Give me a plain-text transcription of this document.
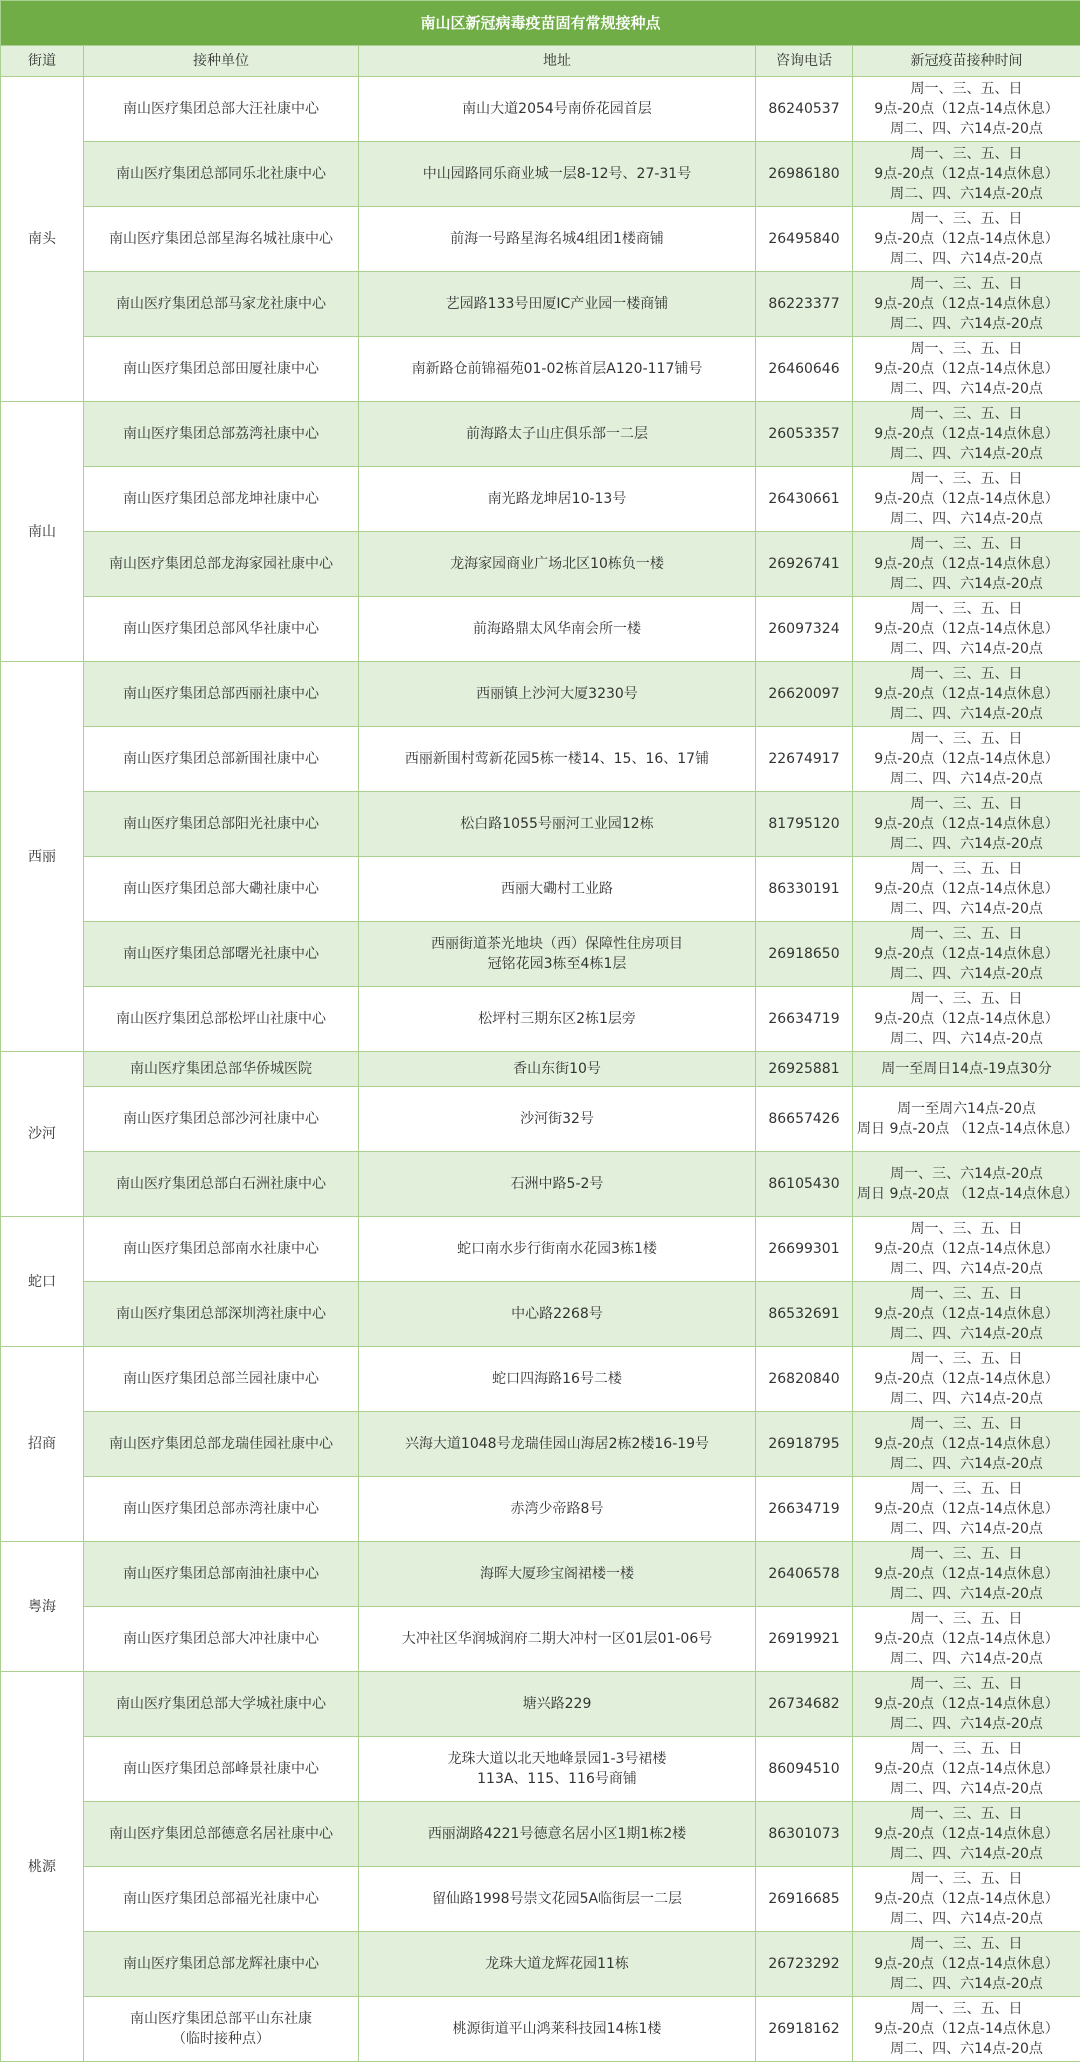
南山区新冠病毒疫苗固有常规接种点				
街道	接种单位	地址	咨询电话	新冠疫苗接种时间
南头	南山医疗集团总部大汪社康中心	南山大道2054号南侨花园首层	86240537	周一、三、五、日
9点-20点（12点-14点休息）
周二、四、六14点-20点

	南山医疗集团总部同乐北社康中心	中山园路同乐商业城一层8-12号、27-31号	26986180	周一、三、五、日
9点-20点（12点-14点休息）
周二、四、六14点-20点

	南山医疗集团总部星海名城社康中心	前海一号路星海名城4组团1楼商铺	26495840	周一、三、五、日
9点-20点（12点-14点休息）
周二、四、六14点-20点

	南山医疗集团总部马家龙社康中心	艺园路133号田厦IC产业园一楼商铺	86223377	周一、三、五、日
9点-20点（12点-14点休息）
周二、四、六14点-20点

	南山医疗集团总部田厦社康中心	南新路仓前锦福苑01-02栋首层A120-117铺号	26460646	周一、三、五、日
9点-20点（12点-14点休息）
周二、四、六14点-20点

南山	南山医疗集团总部荔湾社康中心	前海路太子山庄俱乐部一二层	26053357	周一、三、五、日
9点-20点（12点-14点休息）
周二、四、六14点-20点

	南山医疗集团总部龙坤社康中心	南光路龙坤居10-13号	26430661	周一、三、五、日
9点-20点（12点-14点休息）
周二、四、六14点-20点

	南山医疗集团总部龙海家园社康中心	龙海家园商业广场北区10栋负一楼	26926741	周一、三、五、日
9点-20点（12点-14点休息）
周二、四、六14点-20点

	南山医疗集团总部风华社康中心	前海路鼎太风华南会所一楼	26097324	周一、三、五、日
9点-20点（12点-14点休息）
周二、四、六14点-20点

西丽	南山医疗集团总部西丽社康中心	西丽镇上沙河大厦3230号	26620097	周一、三、五、日
9点-20点（12点-14点休息）
周二、四、六14点-20点

	南山医疗集团总部新围社康中心	西丽新围村莺新花园5栋一楼14、15、16、17铺	22674917	周一、三、五、日
9点-20点（12点-14点休息）
周二、四、六14点-20点

	南山医疗集团总部阳光社康中心	松白路1055号丽河工业园12栋	81795120	周一、三、五、日
9点-20点（12点-14点休息）
周二、四、六14点-20点

	南山医疗集团总部大磡社康中心	西丽大磡村工业路	86330191	周一、三、五、日
9点-20点（12点-14点休息）
周二、四、六14点-20点

	南山医疗集团总部曙光社康中心	西丽街道茶光地块（西）保障性住房项目
冠铭花园3栋至4栋1层	26918650	周一、三、五、日
9点-20点（12点-14点休息）
周二、四、六14点-20点

	南山医疗集团总部松坪山社康中心	松坪村三期东区2栋1层旁	26634719	周一、三、五、日
9点-20点（12点-14点休息）
周二、四、六14点-20点

沙河	南山医疗集团总部华侨城医院	香山东街10号	26925881	周一至周日14点-19点30分

	南山医疗集团总部沙河社康中心	沙河街32号	86657426	周一至周六14点-20点
周日 9点-20点 （12点-14点休息）

	南山医疗集团总部白石洲社康中心	石洲中路5-2号	86105430	周一、三、六14点-20点
周日 9点-20点 （12点-14点休息）

蛇口	南山医疗集团总部南水社康中心	蛇口南水步行街南水花园3栋1楼	26699301	周一、三、五、日
9点-20点（12点-14点休息）
周二、四、六14点-20点

	南山医疗集团总部深圳湾社康中心	中心路2268号	86532691	周一、三、五、日
9点-20点（12点-14点休息）
周二、四、六14点-20点

招商	南山医疗集团总部兰园社康中心	蛇口四海路16号二楼	26820840	周一、三、五、日
9点-20点（12点-14点休息）
周二、四、六14点-20点

	南山医疗集团总部龙瑞佳园社康中心	兴海大道1048号龙瑞佳园山海居2栋2楼16-19号	26918795	周一、三、五、日
9点-20点（12点-14点休息）
周二、四、六14点-20点

	南山医疗集团总部赤湾社康中心	赤湾少帝路8号	26634719	周一、三、五、日
9点-20点（12点-14点休息）
周二、四、六14点-20点

粤海	南山医疗集团总部南油社康中心	海晖大厦珍宝阁裙楼一楼	26406578	周一、三、五、日
9点-20点（12点-14点休息）
周二、四、六14点-20点

	南山医疗集团总部大冲社康中心	大冲社区华润城润府二期大冲村一区01层01-06号	26919921	周一、三、五、日
9点-20点（12点-14点休息）
周二、四、六14点-20点

桃源	南山医疗集团总部大学城社康中心	塘兴路229	26734682	周一、三、五、日
9点-20点（12点-14点休息）
周二、四、六14点-20点

	南山医疗集团总部峰景社康中心	龙珠大道以北天地峰景园1-3号裙楼
113A、115、116号商铺	86094510	周一、三、五、日
9点-20点（12点-14点休息）
周二、四、六14点-20点

	南山医疗集团总部德意名居社康中心	西丽湖路4221号德意名居小区1期1栋2楼	86301073	周一、三、五、日
9点-20点（12点-14点休息）
周二、四、六14点-20点

	南山医疗集团总部福光社康中心	留仙路1998号崇文花园5A临街层一二层	26916685	周一、三、五、日
9点-20点（12点-14点休息）
周二、四、六14点-20点

	南山医疗集团总部龙辉社康中心	龙珠大道龙辉花园11栋	26723292	周一、三、五、日
9点-20点（12点-14点休息）
周二、四、六14点-20点

	南山医疗集团总部平山东社康
（临时接种点）	桃源街道平山鸿莱科技园14栋1楼	26918162	周一、三、五、日
9点-20点（12点-14点休息）
周二、四、六14点-20点
